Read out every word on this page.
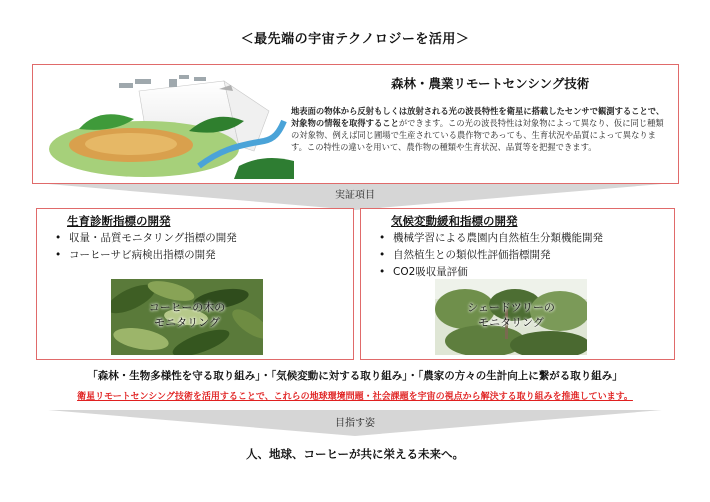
＜最先端の宇宙テクノロジーを活用＞
森林・農業リモートセンシング技術
地表面の物体から反射もしくは放射される光の波長特性を衛星に搭載したセンサで観測することで、対象物の情報を取得することができます。この光の波長特性は対象物によって異なり、仮に同じ種類の対象物、例えば同じ圃場で生産されている農作物であっても、生育状況や品質によって異なります。この特性の違いを用いて、農作物の種類や生育状況、品質等を把握できます。
実証項目
生育診断指標の開発
• 収量・品質モニタリング指標の開発
• コーヒーサビ病検出指標の開発
コーヒーの木の
モニタリング
気候変動緩和指標の開発
• 機械学習による農園内自然植生分類機能開発
• 自然植生との類似性評価指標開発
• CO2吸収量評価
シェードツリーの
モニタリング
「森林・生物多様性を守る取り組み」・「気候変動に対する取り組み」・「農家の方々の生計向上に繋がる取り組み」
衛星リモートセンシング技術を活用することで、これらの地球環境問題・社会課題を宇宙の視点から解決する取り組みを推進しています。
目指す姿
人、地球、コーヒーが共に栄える未来へ。
